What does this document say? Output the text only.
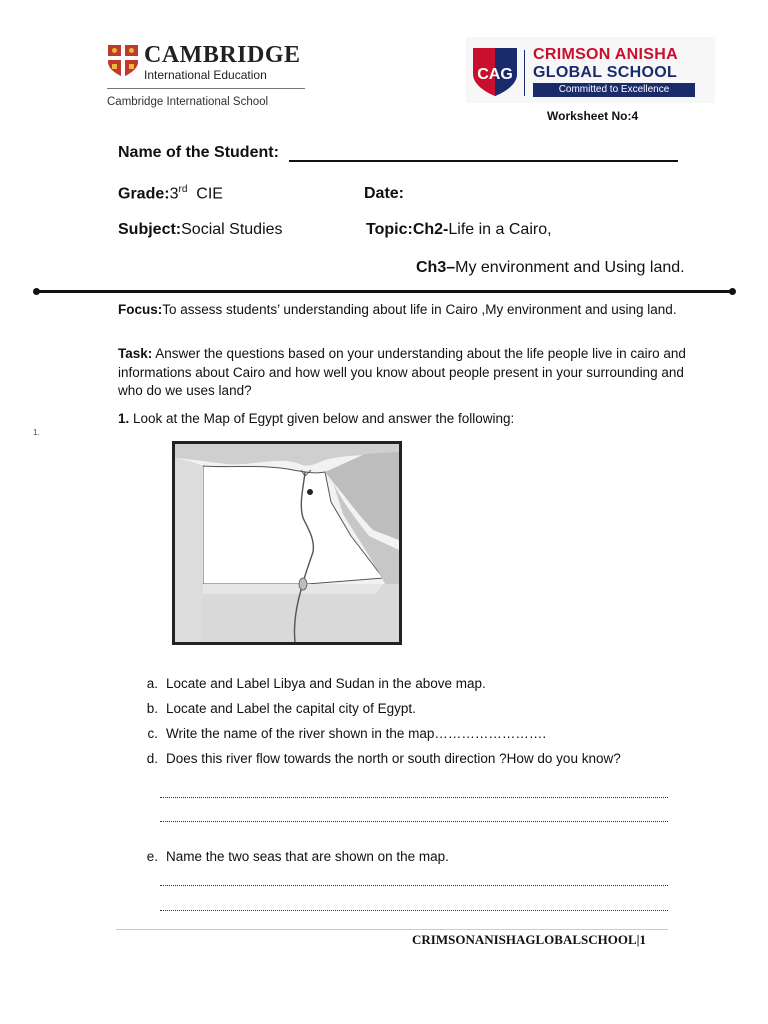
CAMBRIDGE
International Education
Cambridge International School
CAG
CRIMSON ANISHA
GLOBAL SCHOOL
Committed to Excellence
Worksheet No:4
Name of the Student:
Grade:3rd CIE	Date:
Subject:Social Studies	Topic:Ch2-Life in a Cairo,
Ch3–My environment and Using land.
Focus:To assess students’ understanding about life in Cairo ,My environment and using land.
Task: Answer the questions based on your understanding about the life people live in cairo and informations about Cairo and how well you know about people present in your surrounding and who do we uses land?
1.
1. Look at the Map of Egypt given below and answer the following:
a. Locate and Label Libya and Sudan in the above map.
b. Locate and Label the capital city of Egypt.
c. Write the name of the river shown in the map…………………….
d. Does this river flow towards the north or south direction ?How do you know?
e. Name the two seas that are shown on the map.
CRIMSONANISHAGLOBALSCHOOL|1
